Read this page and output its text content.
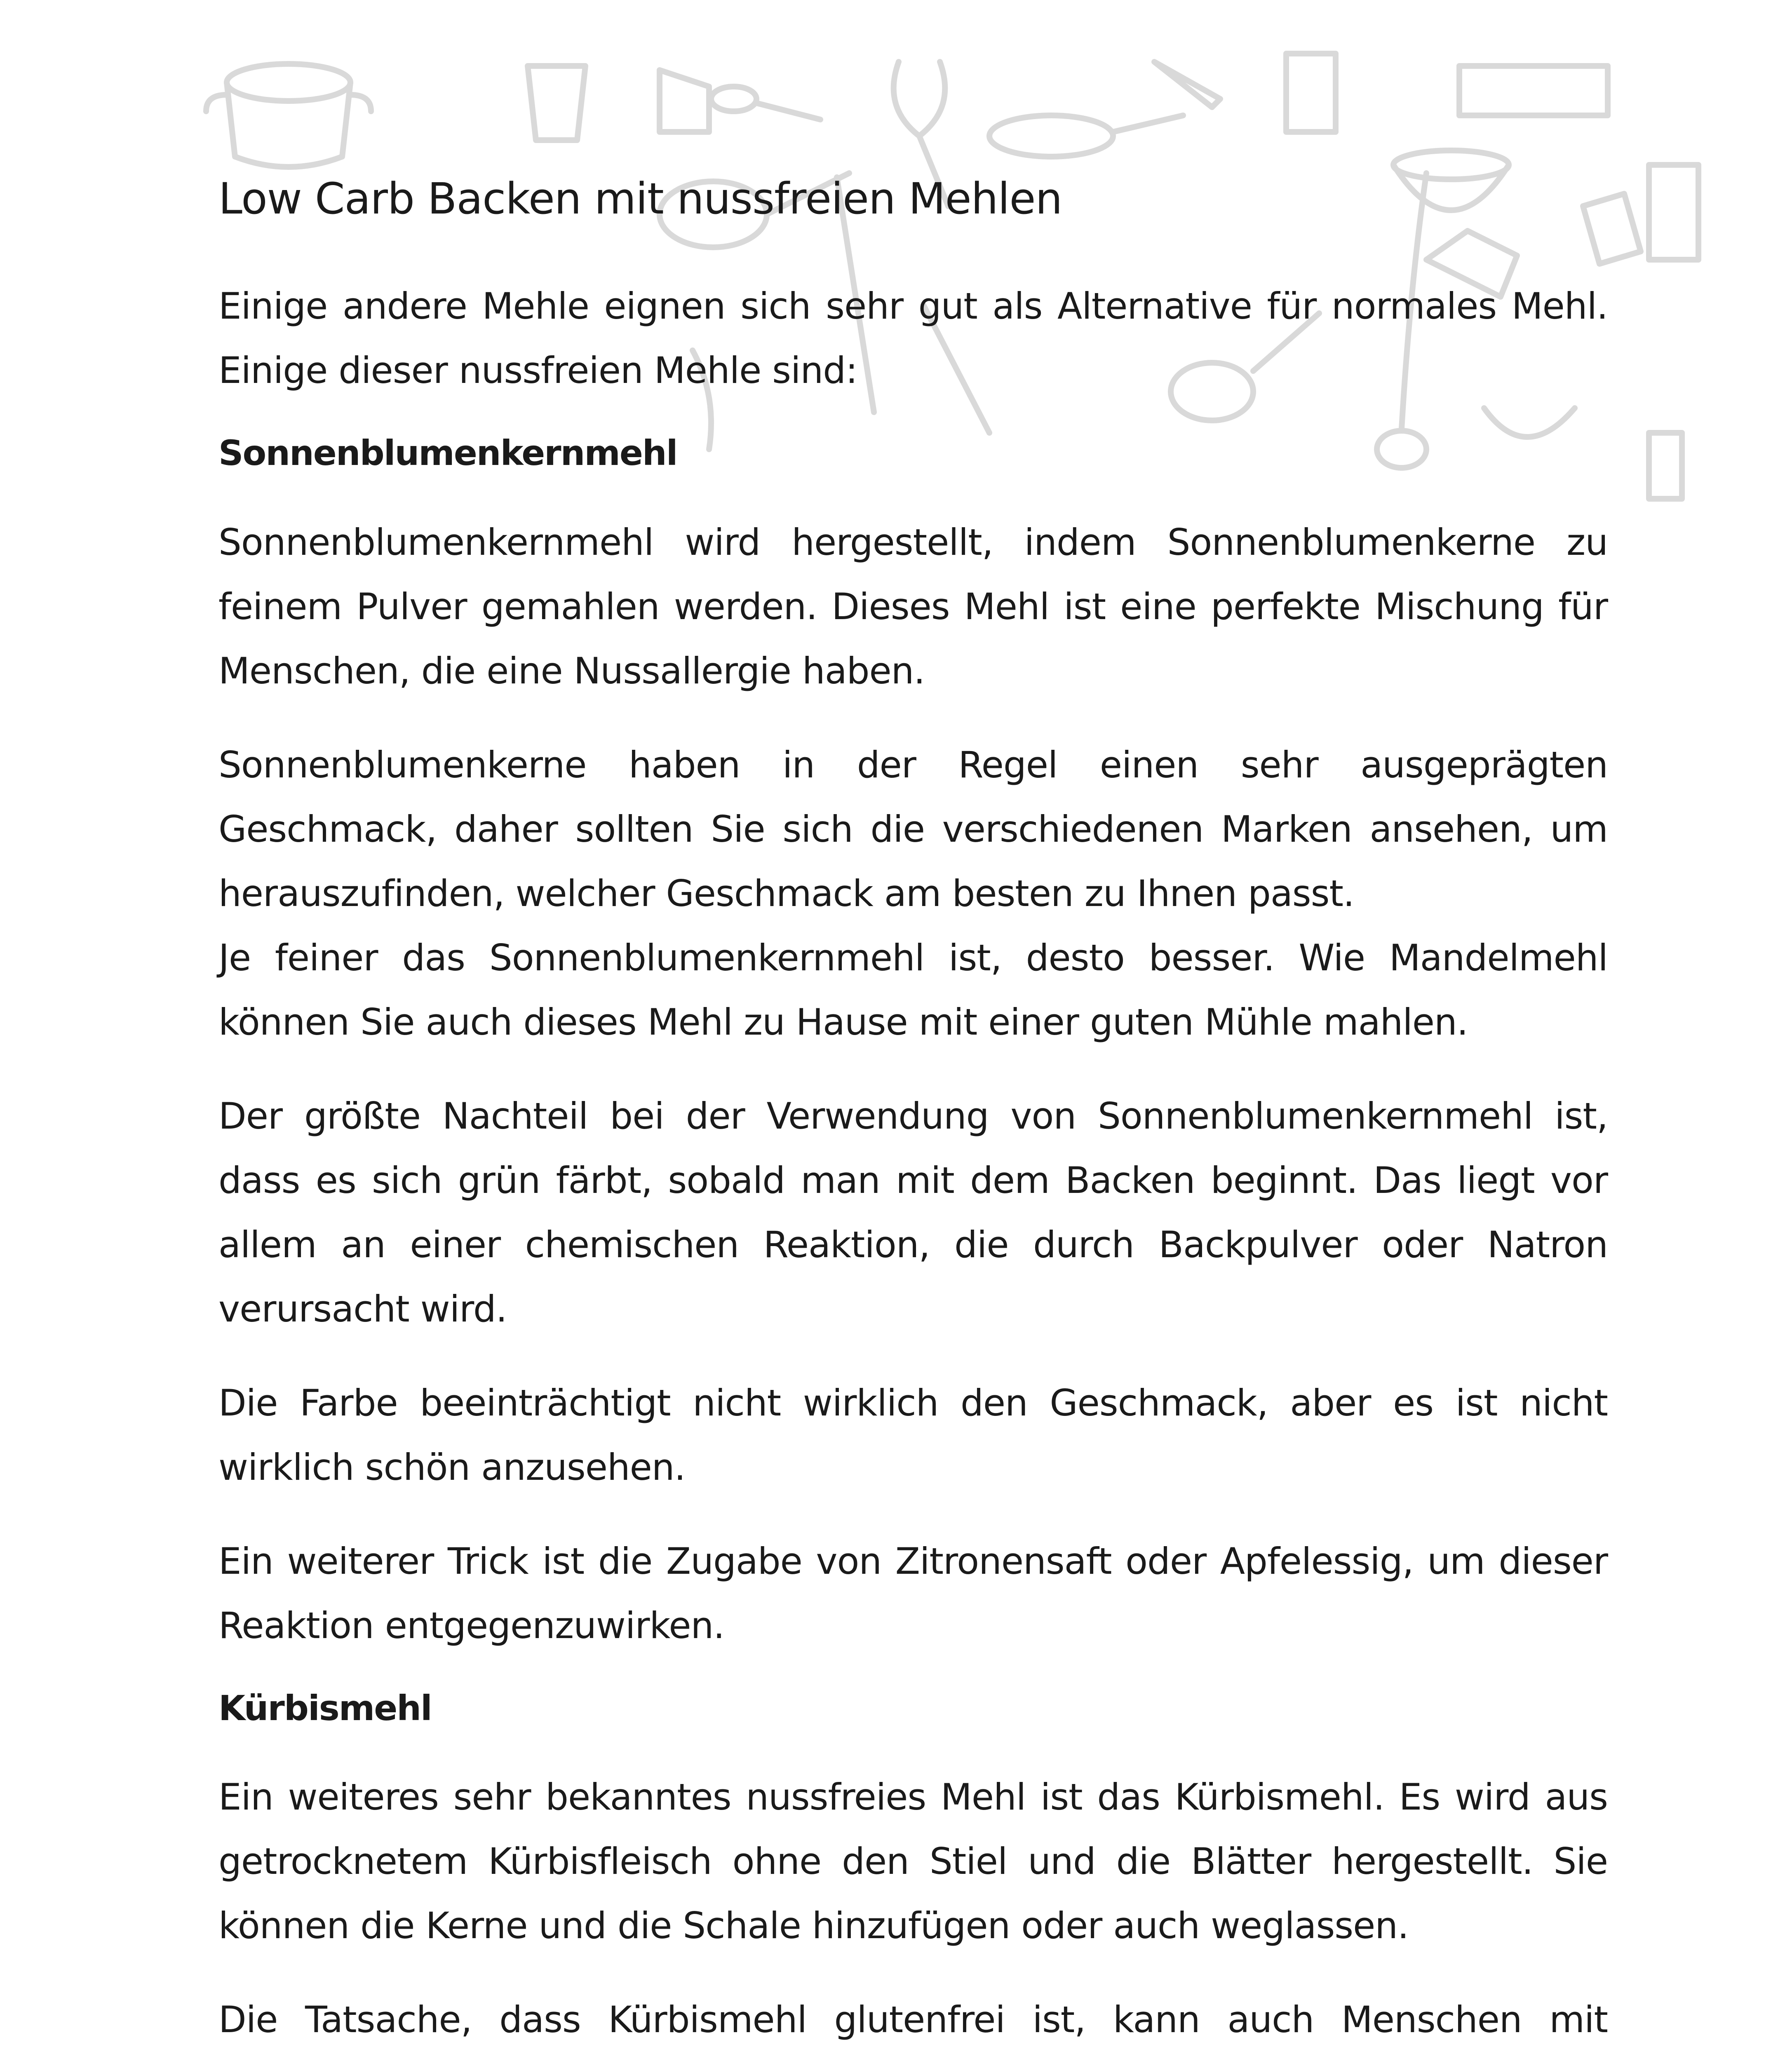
Low Carb Backen mit nussfreien Mehlen

Einige andere Mehle eignen sich sehr gut als Alternative für normales Mehl. Einige dieser nussfreien Mehle sind:

Sonnenblumenkernmehl

Sonnenblumenkernmehl wird hergestellt, indem Sonnenblumenkerne zu feinem Pulver gemahlen werden. Dieses Mehl ist eine perfekte Mischung für Menschen, die eine Nussallergie haben.

Sonnenblumenkerne haben in der Regel einen sehr ausgeprägten Geschmack, daher sollten Sie sich die verschiedenen Marken ansehen, um herauszufinden, welcher Geschmack am besten zu Ihnen passt.

Je feiner das Sonnenblumenkernmehl ist, desto besser. Wie Mandelmehl können Sie auch dieses Mehl zu Hause mit einer guten Mühle mahlen.

Der größte Nachteil bei der Verwendung von Sonnenblumenkernmehl ist, dass es sich grün färbt, sobald man mit dem Backen beginnt. Das liegt vor allem an einer chemischen Reaktion, die durch Backpulver oder Natron verursacht wird.

Die Farbe beeinträchtigt nicht wirklich den Geschmack, aber es ist nicht wirklich schön anzusehen.

Ein weiterer Trick ist die Zugabe von Zitronensaft oder Apfelessig, um dieser Reaktion entgegenzuwirken.

Kürbismehl

Ein weiteres sehr bekanntes nussfreies Mehl ist das Kürbismehl. Es wird aus getrocknetem Kürbisfleisch ohne den Stiel und die Blätter hergestellt. Sie können die Kerne und die Schale hinzufügen oder auch weglassen.

Die Tatsache, dass Kürbismehl glutenfrei ist, kann auch Menschen mit
